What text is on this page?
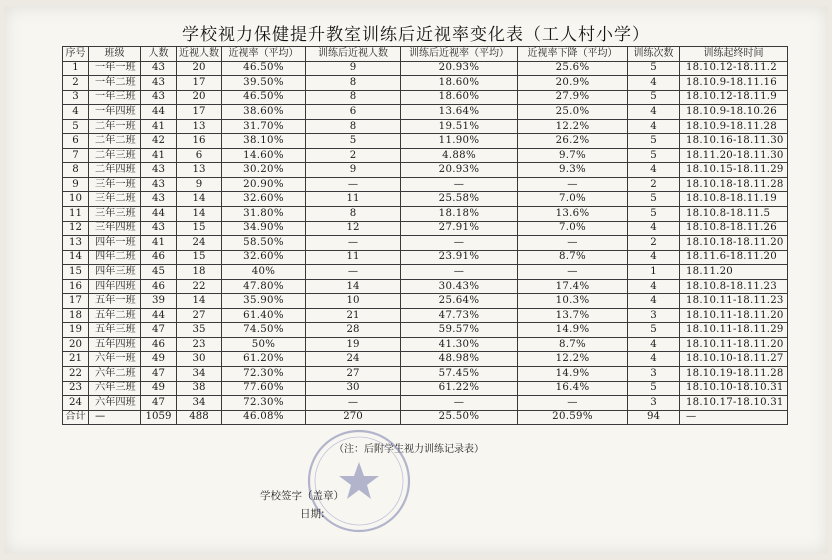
学校视力保健提升教室训练后近视率变化表（工人村小学）
序号	班级	人数	近视人数	近视率（平均）	训练后近视人数	训练后近视率（平均）	近视率下降（平均）	训练次数	训练起终时间
1	一年一班	43	20	46.50%	9	20.93%	25.6%	5	18.10.12-18.11.2
2	一年二班	43	17	39.50%	8	18.60%	20.9%	4	18.10.9-18.11.16
3	一年三班	43	20	46.50%	8	18.60%	27.9%	5	18.10.12-18.11.9
4	一年四班	44	17	38.60%	6	13.64%	25.0%	4	18.10.9-18.10.26
5	二年一班	41	13	31.70%	8	19.51%	12.2%	4	18.10.9-18.11.28
6	二年二班	42	16	38.10%	5	11.90%	26.2%	5	18.10.16-18.11.30
7	二年三班	41	6	14.60%	2	4.88%	9.7%	5	18.11.20-18.11.30
8	二年四班	43	13	30.20%	9	20.93%	9.3%	4	18.10.15-18.11.29
9	三年一班	43	9	20.90%	—	—	—	2	18.10.18-18.11.28
10	三年二班	43	14	32.60%	11	25.58%	7.0%	5	18.10.8-18.11.19
11	三年三班	44	14	31.80%	8	18.18%	13.6%	5	18.10.8-18.11.5
12	三年四班	43	15	34.90%	12	27.91%	7.0%	4	18.10.8-18.11.26
13	四年一班	41	24	58.50%	—	—	—	2	18.10.18-18.11.20
14	四年二班	46	15	32.60%	11	23.91%	8.7%	4	18.11.6-18.11.20
15	四年三班	45	18	40%	—	—	—	1	18.11.20
16	四年四班	46	22	47.80%	14	30.43%	17.4%	4	18.10.8-18.11.23
17	五年一班	39	14	35.90%	10	25.64%	10.3%	4	18.10.11-18.11.23
18	五年二班	44	27	61.40%	21	47.73%	13.7%	3	18.10.11-18.11.20
19	五年三班	47	35	74.50%	28	59.57%	14.9%	5	18.10.11-18.11.29
20	五年四班	46	23	50%	19	41.30%	8.7%	4	18.10.11-18.11.20
21	六年一班	49	30	61.20%	24	48.98%	12.2%	4	18.10.10-18.11.27
22	六年二班	47	34	72.30%	27	57.45%	14.9%	3	18.10.19-18.11.28
23	六年三班	49	38	77.60%	30	61.22%	16.4%	5	18.10.10-18.10.31
24	六年四班	47	34	72.30%	—	—	—	3	18.10.17-18.10.31
合计	—	1059	488	46.08%	270	25.50%	20.59%	94	—
（注：后附学生视力训练记录表）
学校签字（盖章）
日期:
